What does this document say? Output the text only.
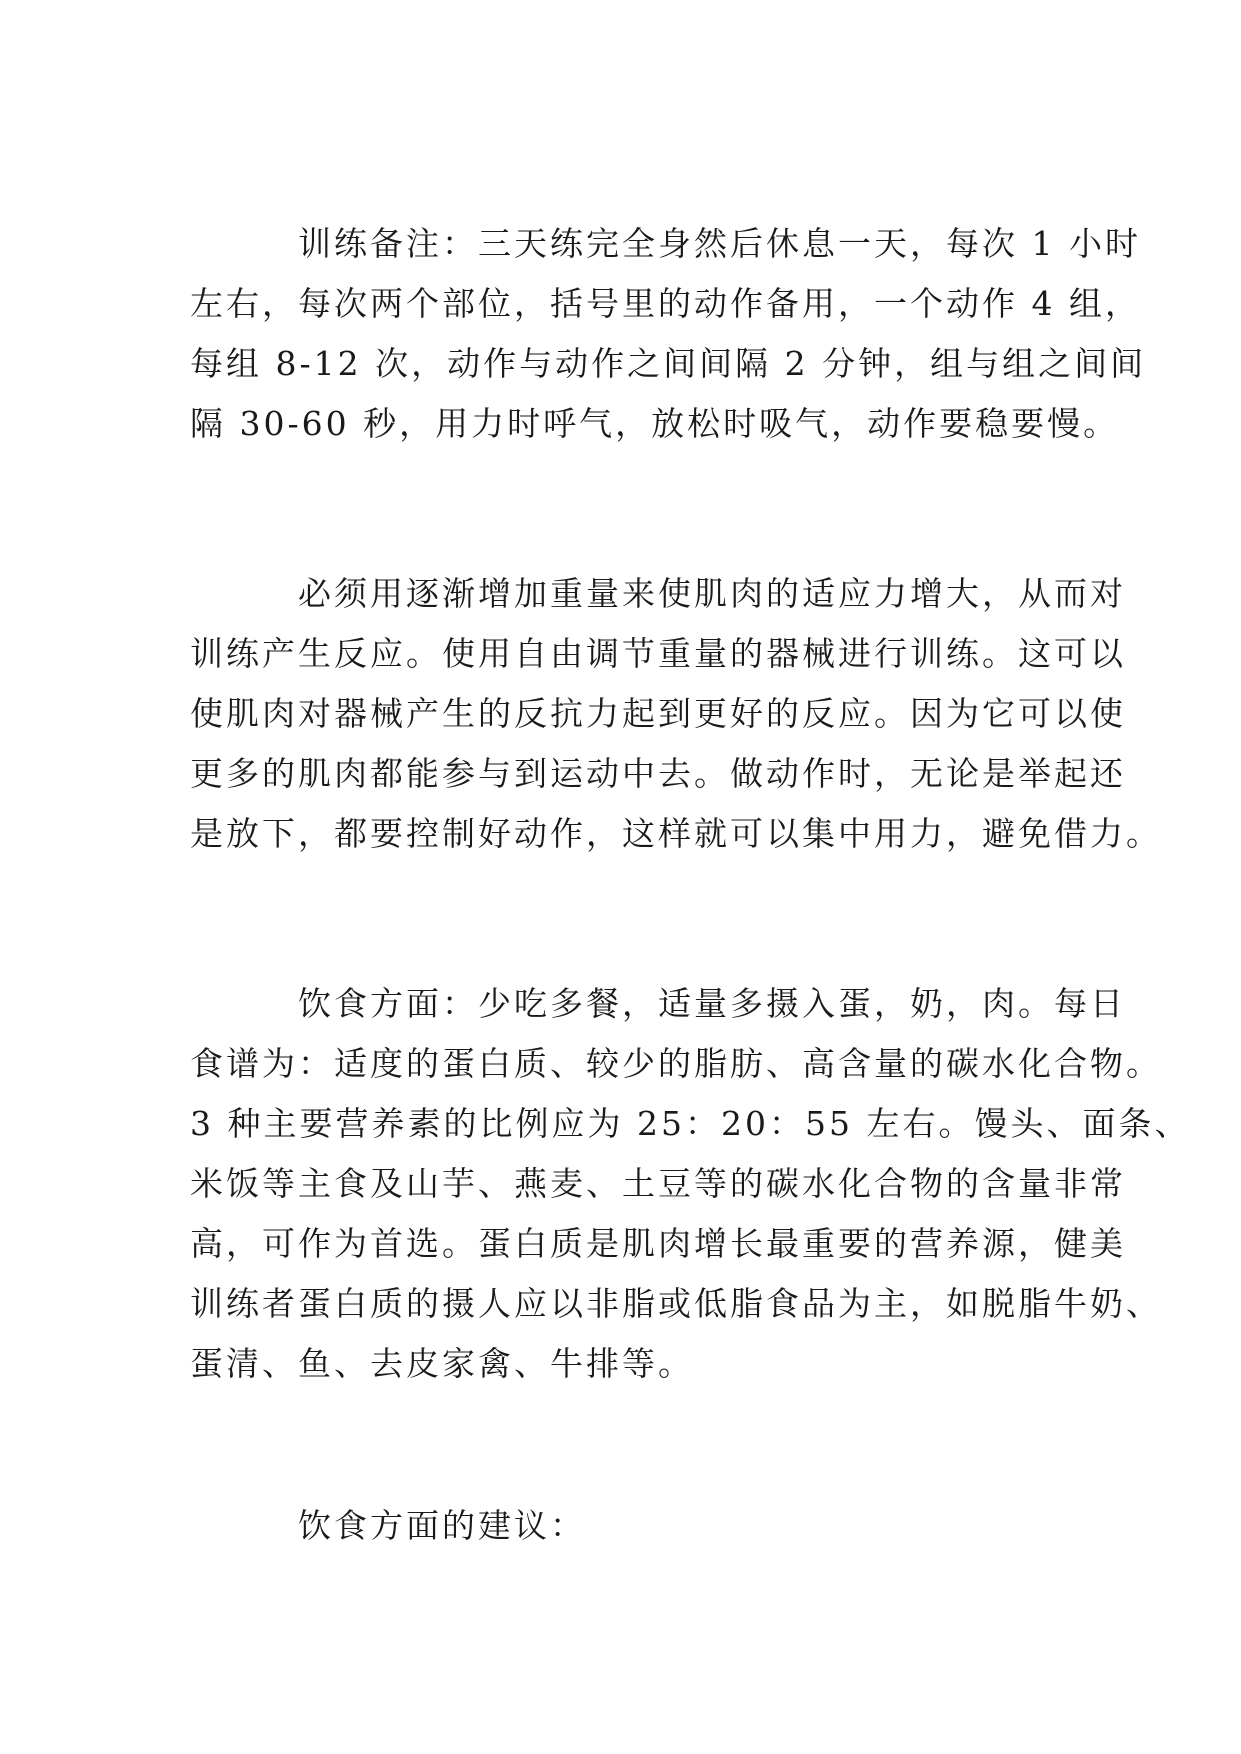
训练备注：三天练完全身然后休息一天，每次 1 小时
左右，每次两个部位，括号里的动作备用，一个动作 4 组，
每组 8-12 次，动作与动作之间间隔 2 分钟，组与组之间间
隔 30-60 秒，用力时呼气，放松时吸气，动作要稳要慢。
必须用逐渐增加重量来使肌肉的适应力增大，从而对
训练产生反应。使用自由调节重量的器械进行训练。这可以
使肌肉对器械产生的反抗力起到更好的反应。因为它可以使
更多的肌肉都能参与到运动中去。做动作时，无论是举起还
是放下，都要控制好动作，这样就可以集中用力，避免借力。
饮食方面：少吃多餐，适量多摄入蛋，奶，肉。每日
食谱为：适度的蛋白质、较少的脂肪、高含量的碳水化合物。
3 种主要营养素的比例应为 25：20：55 左右。馒头、面条、
米饭等主食及山芋、燕麦、土豆等的碳水化合物的含量非常
高，可作为首选。蛋白质是肌肉增长最重要的营养源，健美
训练者蛋白质的摄人应以非脂或低脂食品为主，如脱脂牛奶、
蛋清、鱼、去皮家禽、牛排等。
饮食方面的建议：
